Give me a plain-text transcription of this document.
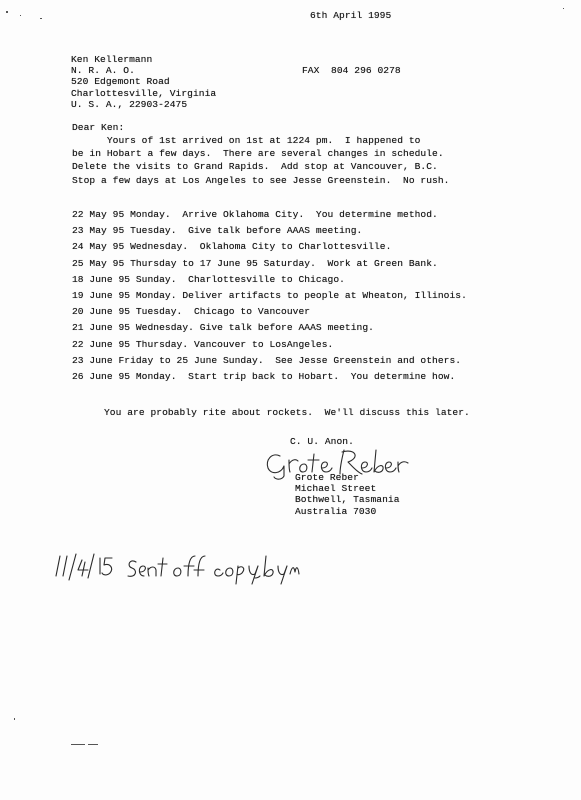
6th April 1995
Ken Kellermann
N. R. A. O.
520 Edgemont Road
Charlottesville, Virginia
U. S. A., 22903-2475
FAX  804 296 0278
Dear Ken:
Yours of 1st arrived on 1st at 1224 pm.  I happened to
be in Hobart a few days.  There are several changes in schedule.
Delete the visits to Grand Rapids.  Add stop at Vancouver, B.C.
Stop a few days at Los Angeles to see Jesse Greenstein.  No rush.
22 May 95 Monday.  Arrive Oklahoma City.  You determine method.
23 May 95 Tuesday.  Give talk before AAAS meeting.
24 May 95 Wednesday.  Oklahoma City to Charlottesville.
25 May 95 Thursday to 17 June 95 Saturday.  Work at Green Bank.
18 June 95 Sunday.  Charlottesville to Chicago.
19 June 95 Monday. Deliver artifacts to people at Wheaton, Illinois.
20 June 95 Tuesday.  Chicago to Vancouver
21 June 95 Wednesday. Give talk before AAAS meeting.
22 June 95 Thursday. Vancouver to LosAngeles.
23 June Friday to 25 June Sunday.  See Jesse Greenstein and others.
26 June 95 Monday.  Start trip back to Hobart.  You determine how.
You are probably rite about rockets.  We'll discuss this later.
C. U. Anon.
Grote Reber
Michael Street
Bothwell, Tasmania
Australia 7030
